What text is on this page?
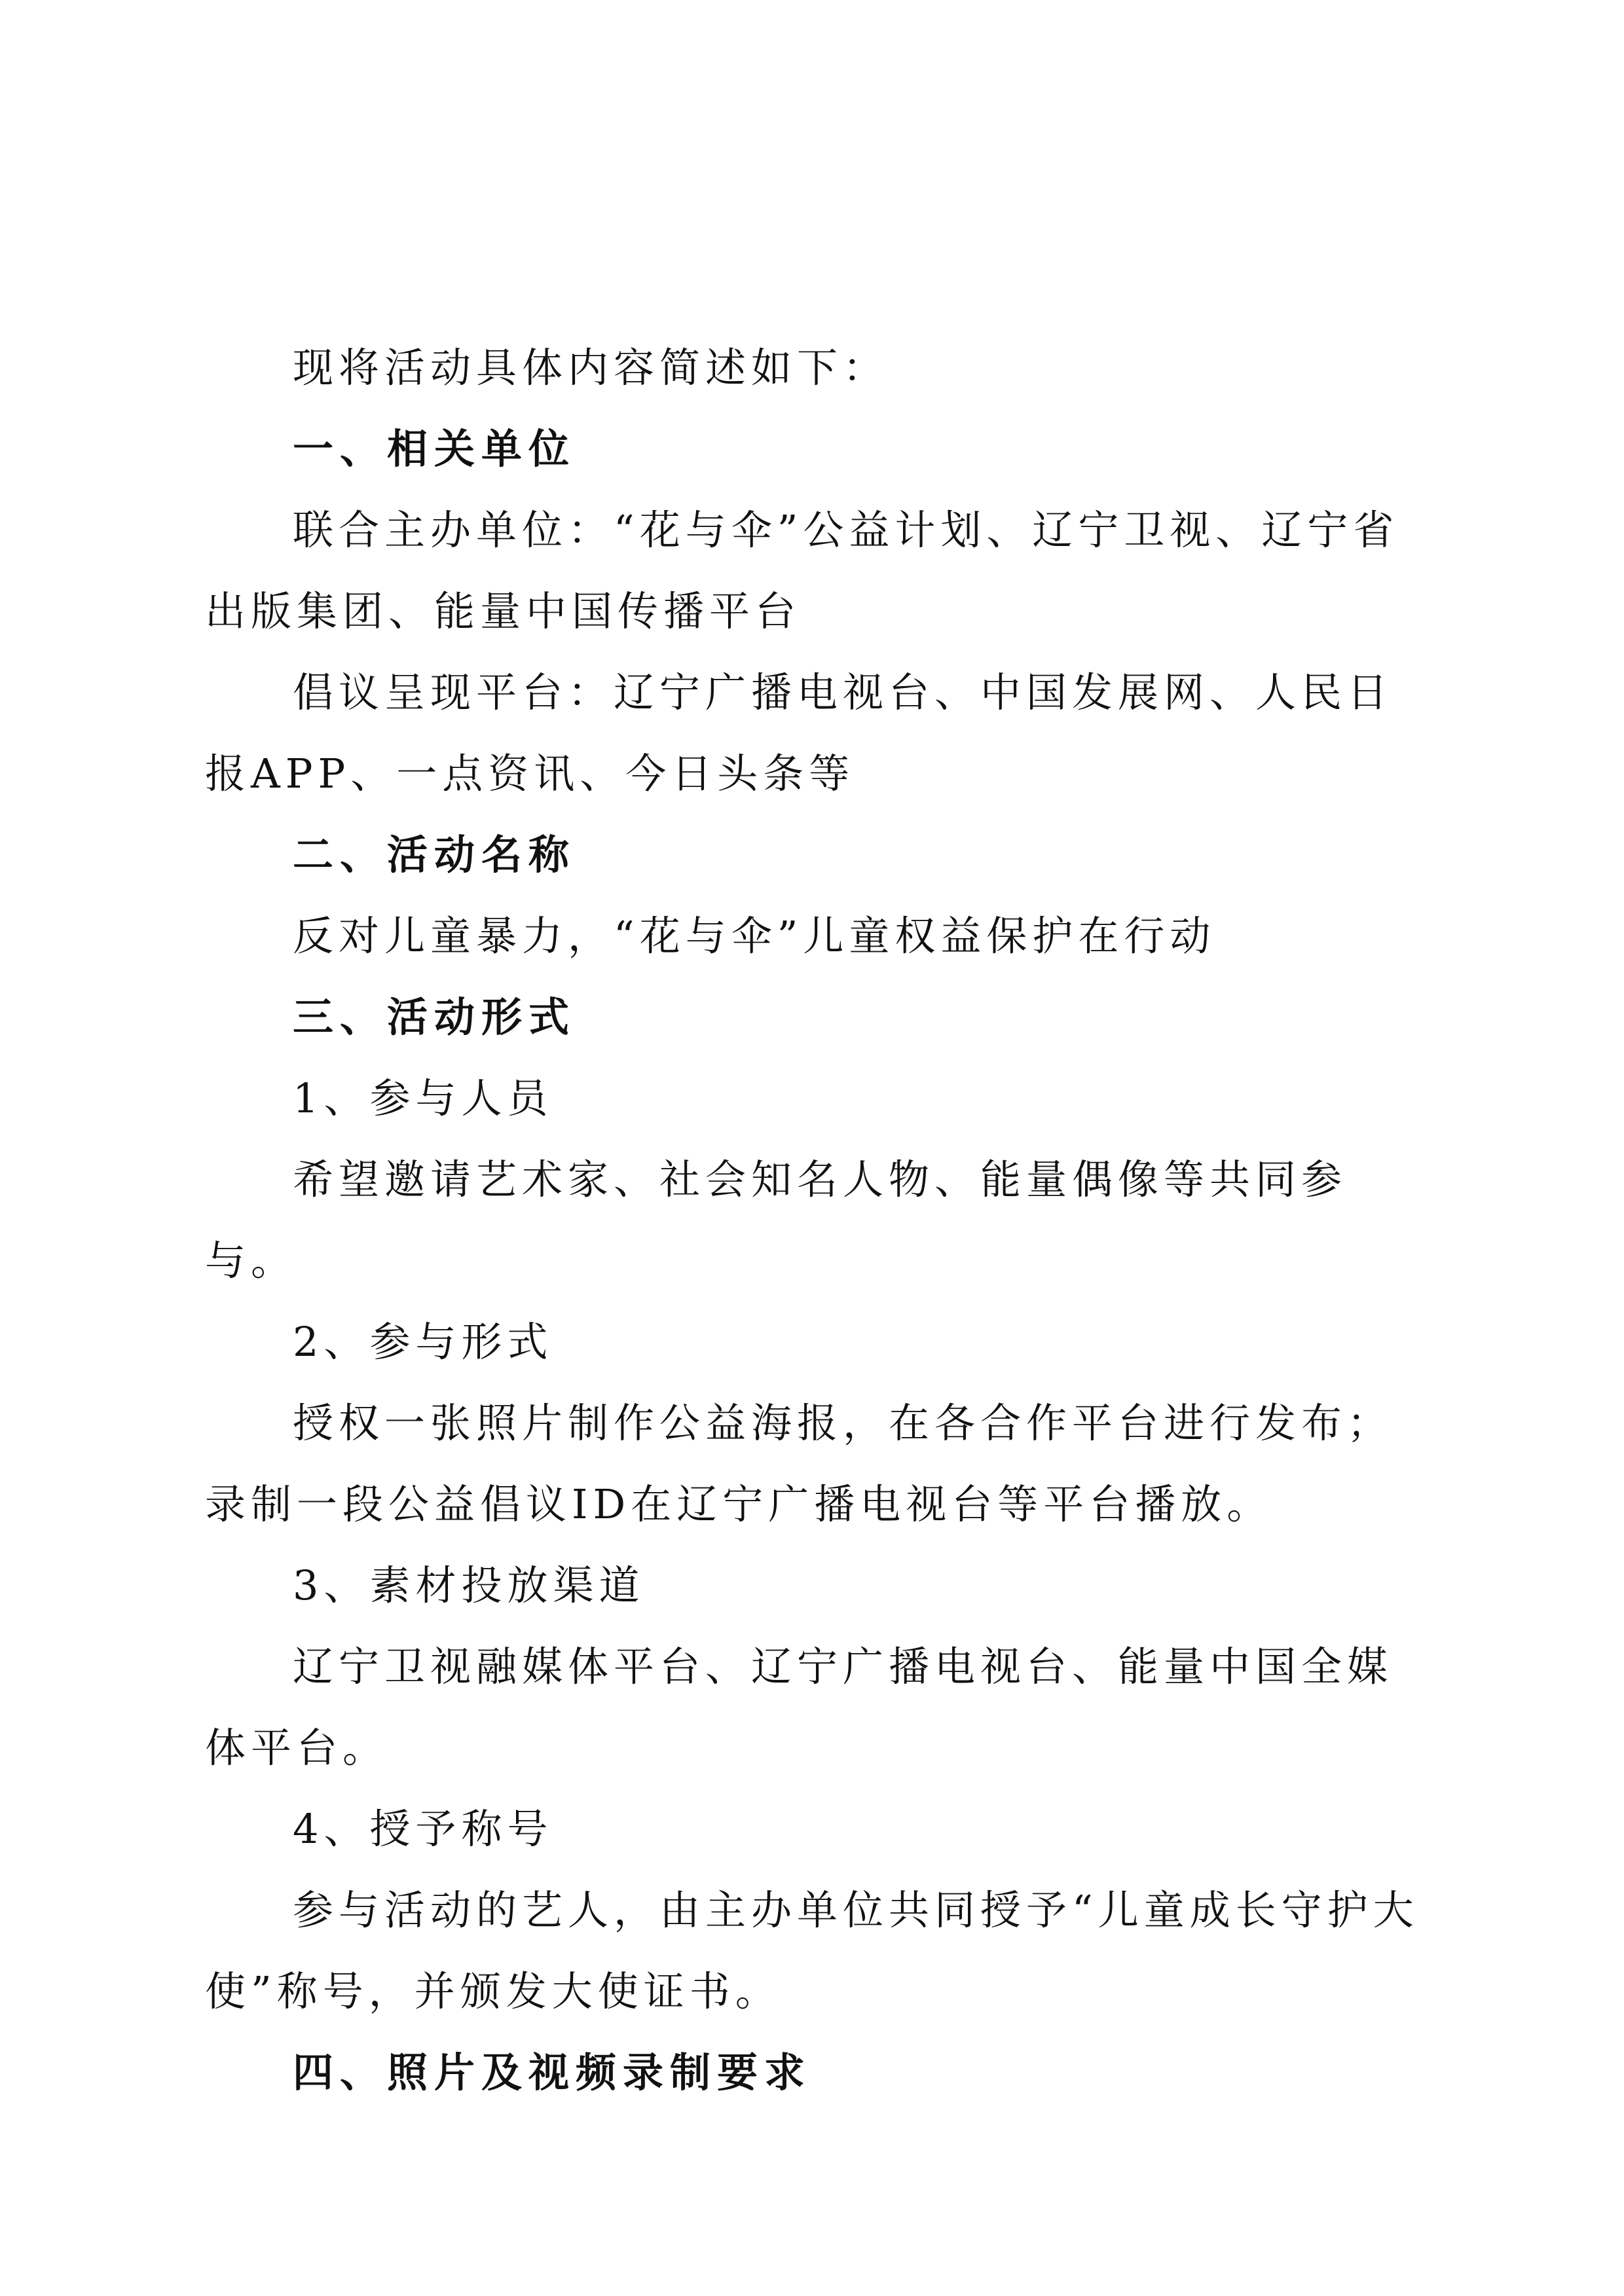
现将活动具体内容简述如下：

一、相关单位

联合主办单位：“花与伞”公益计划、辽宁卫视、辽宁省出版集团、能量中国传播平台

倡议呈现平台：辽宁广播电视台、中国发展网、人民日报APP、一点资讯、今日头条等

二、活动名称

反对儿童暴力，“花与伞”儿童权益保护在行动

三、活动形式

1、参与人员

希望邀请艺术家、社会知名人物、能量偶像等共同参与。

2、参与形式

授权一张照片制作公益海报，在各合作平台进行发布；录制一段公益倡议ID在辽宁广播电视台等平台播放。

3、素材投放渠道

辽宁卫视融媒体平台、辽宁广播电视台、能量中国全媒体平台。

4、授予称号

参与活动的艺人，由主办单位共同授予“儿童成长守护大使”称号，并颁发大使证书。

四、照片及视频录制要求
